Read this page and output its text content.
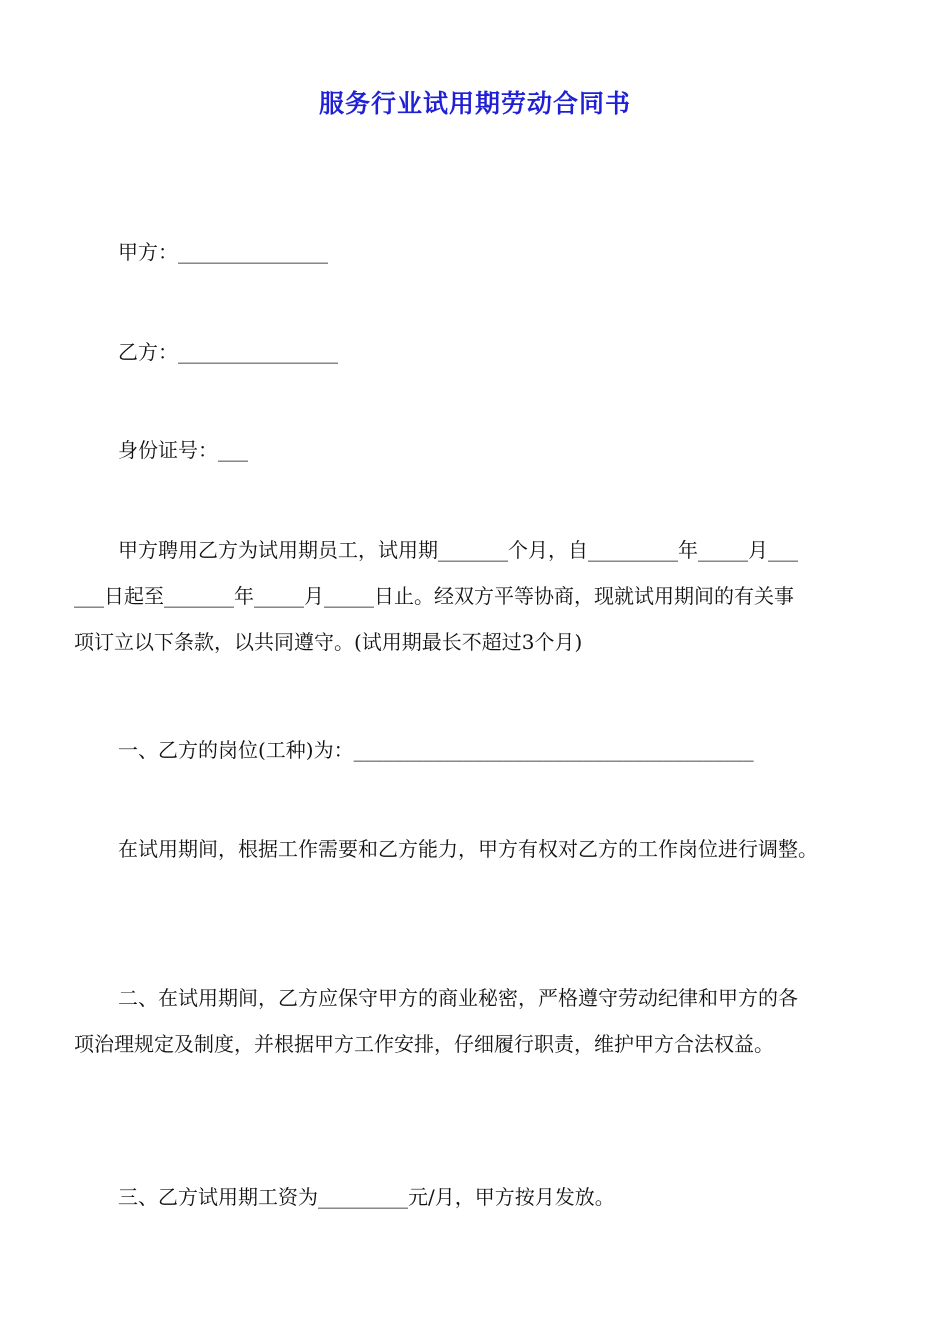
服务行业试用期劳动合同书
甲方：_______________
乙方：________________
身份证号：___
甲方聘用乙方为试用期员工，试用期_______个月，自_________年_____月___
___日起至_______年_____月_____日止。经双方平等协商，现就试用期间的有关事
项订立以下条款，以共同遵守。(试用期最长不超过3个月)
一、乙方的岗位(工种)为：________________________________________
在试用期间，根据工作需要和乙方能力，甲方有权对乙方的工作岗位进行调整。
二、在试用期间，乙方应保守甲方的商业秘密，严格遵守劳动纪律和甲方的各
项治理规定及制度，并根据甲方工作安排，仔细履行职责，维护甲方合法权益。
三、乙方试用期工资为_________元/月，甲方按月发放。
